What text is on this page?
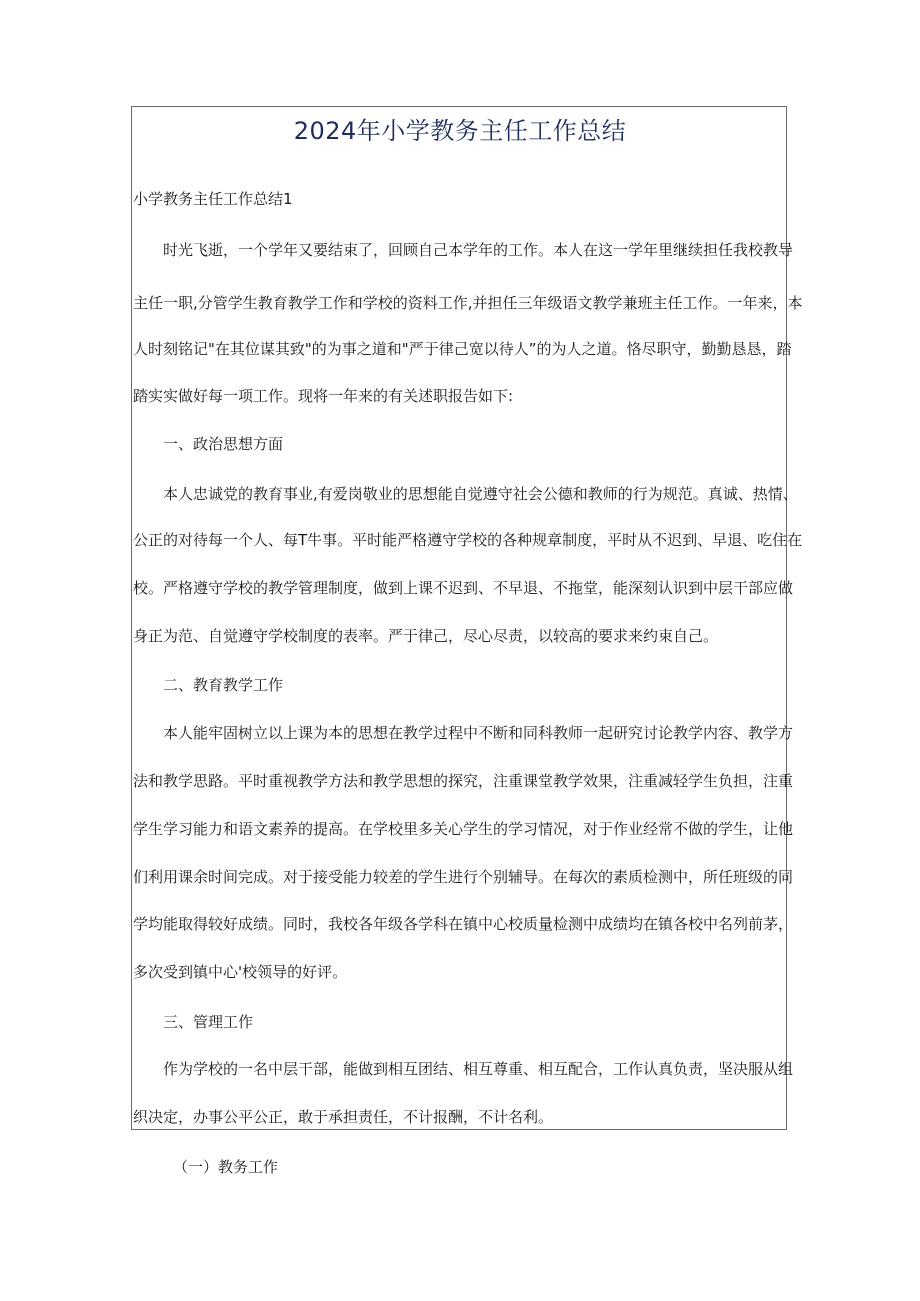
2024年小学教务主任工作总结

小学教务主任工作总结1

时光飞逝，一个学年又要结束了，回顾自己本学年的工作。本人在这一学年里继续担任我校教导

主任一职,分管学生教育教学工作和学校的资料工作,并担任三年级语文教学兼班主任工作。一年来，本

人时刻铭记"在其位谋其致"的为事之道和"严于律己宽以待人”的为人之道。恪尽职守，勤勤恳恳，踏

踏实实做好每一项工作。现将一年来的有关述职报告如下:

一、政治思想方面

本人忠诚党的教育事业,有爱岗敬业的思想能自觉遵守社会公德和教师的行为规范。真诚、热情、

公正的对待每一个人、每T牛事。平时能严格遵守学校的各种规章制度，平时从不迟到、早退、吃住在

校。严格遵守学校的教学管理制度，做到上课不迟到、不早退、不拖堂，能深刻认识到中层干部应做

身正为范、自觉遵守学校制度的表率。严于律己，尽心尽责，以较高的要求来约束自己。

二、教育教学工作

本人能牢固树立以上课为本的思想在教学过程中不断和同科教师一起研究讨论教学内容、教学方

法和教学思路。平时重视教学方法和教学思想的探究，注重课堂教学效果，注重减轻学生负担，注重

学生学习能力和语文素养的提高。在学校里多关心学生的学习情况，对于作业经常不做的学生，让他

们利用课余时间完成。对于接受能力较差的学生进行个别辅导。在每次的素质检测中，所任班级的同

学均能取得较好成绩。同时，我校各年级各学科在镇中心校质量检测中成绩均在镇各校中名列前茅，

多次受到镇中心'校领导的好评。

三、管理工作

作为学校的一名中层干部，能做到相互团结、相互尊重、相互配合，工作认真负责，坚决服从组

织决定，办事公平公正，敢于承担责任，不计报酬，不计名利。

（一）教务工作
